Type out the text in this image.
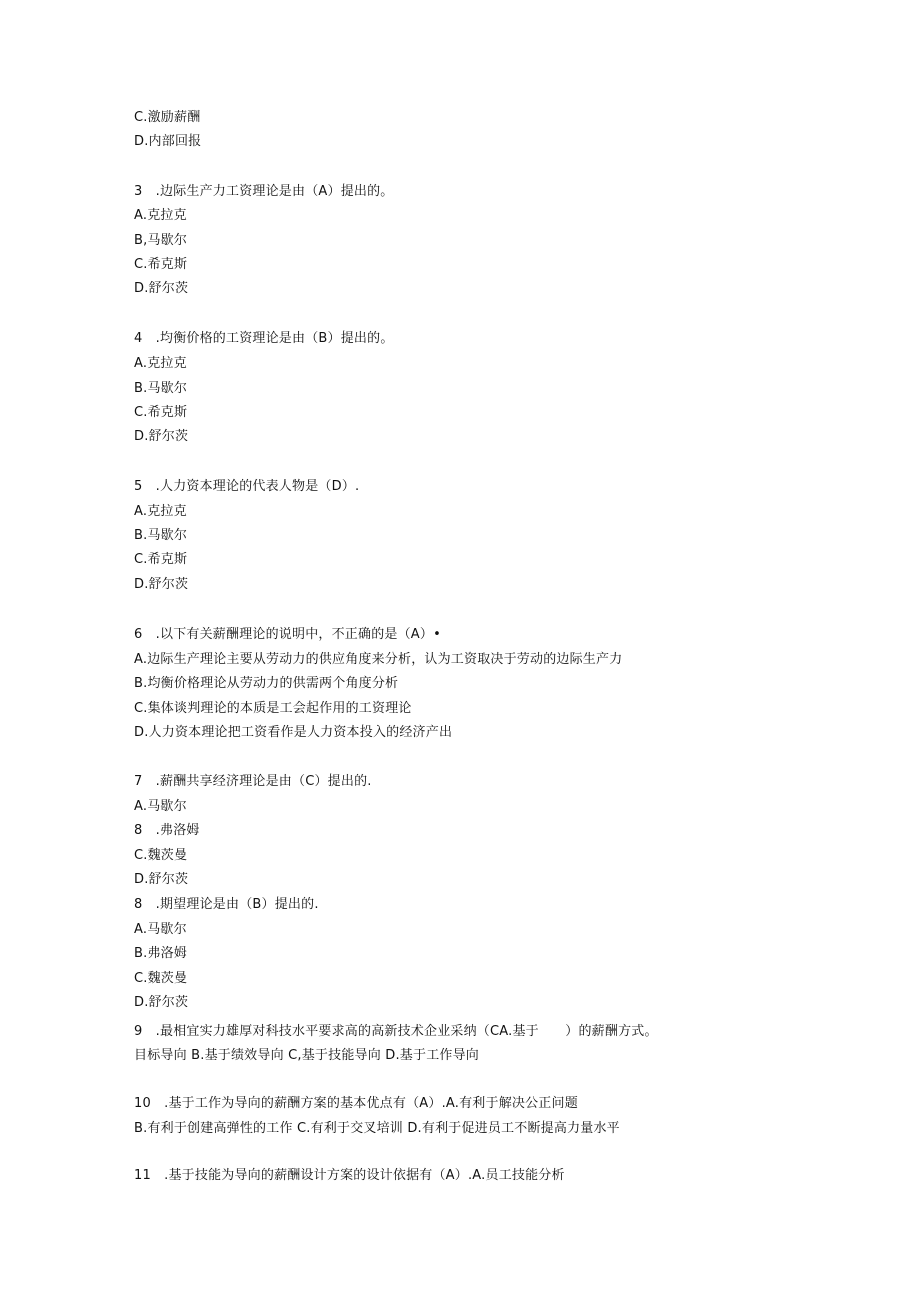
C.激励薪酬
D.内部回报
3　.边际生产力工资理论是由（A）提出的。
A.克拉克
B,马歇尔
C.希克斯
D.舒尔茨
4　.均衡价格的工资理论是由（B）提出的。
A.克拉克
B.马歇尔
C.希克斯
D.舒尔茨
5　.人力资本理论的代表人物是（D）.
A.克拉克
B.马歇尔
C.希克斯
D.舒尔茨
6　.以下有关薪酬理论的说明中，不正确的是（A）•
A.边际生产理论主要从劳动力的供应角度来分析，认为工资取决于劳动的边际生产力
B.均衡价格理论从劳动力的供需两个角度分析
C.集体谈判理论的本质是工会起作用的工资理论
D.人力资本理论把工资看作是人力资本投入的经济产出
7　.薪酬共享经济理论是由（C）提出的.
A.马歇尔
8　.弗洛姆
C.魏茨曼
D.舒尔茨
8　.期望理论是由（B）提出的.
A.马歇尔
B.弗洛姆
C.魏茨曼
D.舒尔茨
9　.最相宜实力雄厚对科技水平要求高的高新技术企业采纳（CA.基于　　）的薪酬方式。
目标导向 B.基于绩效导向 C,基于技能导向 D.基于工作导向
10　.基于工作为导向的薪酬方案的基本优点有（A）.A.有利于解决公正问题
B.有利于创建高弹性的工作 C.有利于交叉培训 D.有利于促进员工不断提高力量水平
11　.基于技能为导向的薪酬设计方案的设计依据有（A）.A.员工技能分析
